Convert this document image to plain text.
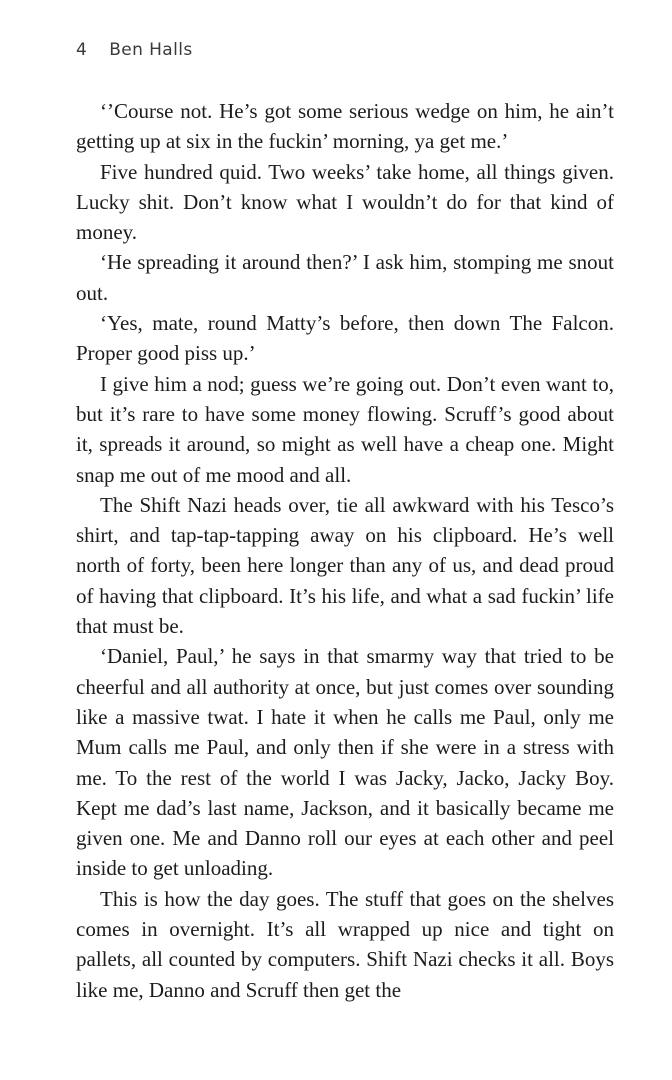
4 Ben Halls

‘’Course not. He’s got some serious wedge on him, he ain’t getting up at six in the fuckin’ morning, ya get me.’

Five hundred quid. Two weeks’ take home, all things given. Lucky shit. Don’t know what I wouldn’t do for that kind of money.

‘He spreading it around then?’ I ask him, stomping me snout out.

‘Yes, mate, round Matty’s before, then down The Falcon. Proper good piss up.’

I give him a nod; guess we’re going out. Don’t even want to, but it’s rare to have some money flowing. Scruff’s good about it, spreads it around, so might as well have a cheap one. Might snap me out of me mood and all.

The Shift Nazi heads over, tie all awkward with his Tesco’s shirt, and tap-tap-tapping away on his clipboard. He’s well north of forty, been here longer than any of us, and dead proud of having that clipboard. It’s his life, and what a sad fuckin’ life that must be.

‘Daniel, Paul,’ he says in that smarmy way that tried to be cheerful and all authority at once, but just comes over sounding like a massive twat. I hate it when he calls me Paul, only me Mum calls me Paul, and only then if she were in a stress with me. To the rest of the world I was Jacky, Jacko, Jacky Boy. Kept me dad’s last name, Jackson, and it basically became me given one. Me and Danno roll our eyes at each other and peel inside to get unloading.

This is how the day goes. The stuff that goes on the shelves comes in overnight. It’s all wrapped up nice and tight on pallets, all counted by computers. Shift Nazi checks it all. Boys like me, Danno and Scruff then get the
